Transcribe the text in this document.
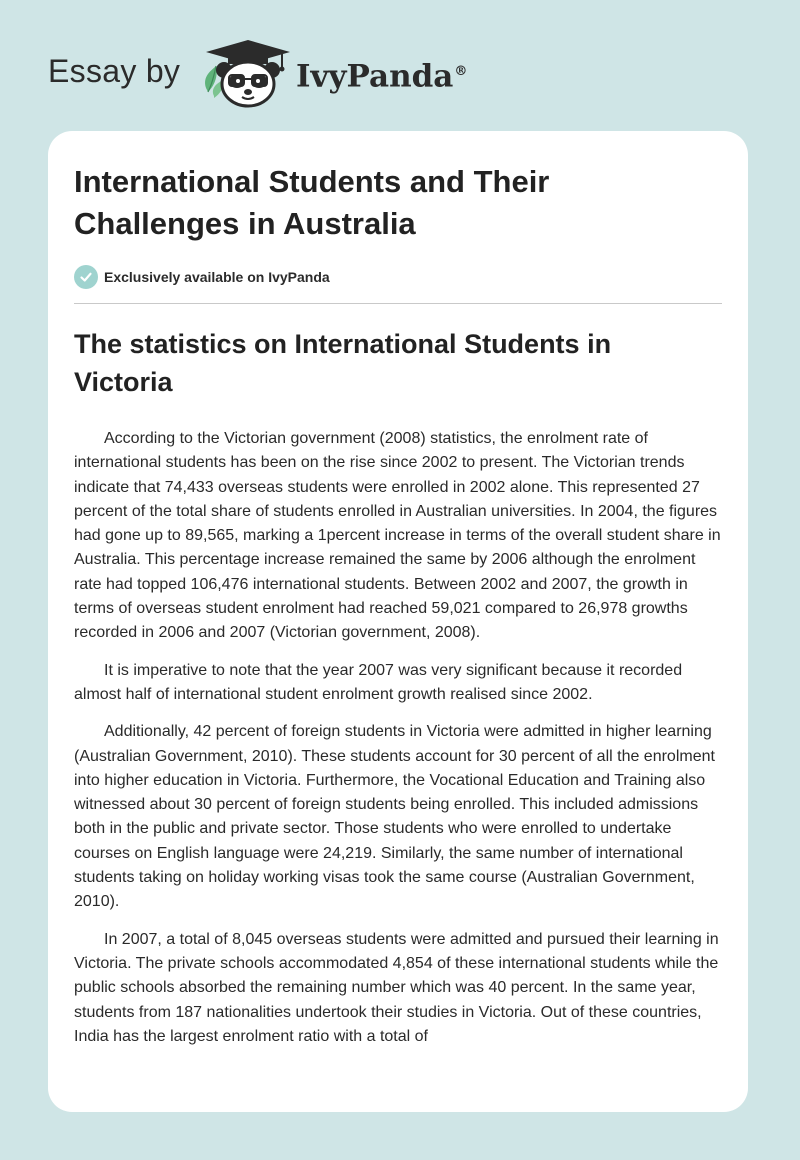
Essay by	IvyPanda®
International Students and Their Challenges in Australia
Exclusively available on IvyPanda
The statistics on International Students in Victoria

According to the Victorian government (2008) statistics, the enrolment rate of international students has been on the rise since 2002 to present. The Victorian trends indicate that 74,433 overseas students were enrolled in 2002 alone. This represented 27 percent of the total share of students enrolled in Australian universities. In 2004, the figures had gone up to 89,565, marking a 1percent increase in terms of the overall student share in Australia. This percentage increase remained the same by 2006 although the enrolment rate had topped 106,476 international students. Between 2002 and 2007, the growth in terms of overseas student enrolment had reached 59,021 compared to 26,978 growths recorded in 2006 and 2007 (Victorian government, 2008).

It is imperative to note that the year 2007 was very significant because it recorded almost half of international student enrolment growth realised since 2002.

Additionally, 42 percent of foreign students in Victoria were admitted in higher learning (Australian Government, 2010). These students account for 30 percent of all the enrolment into higher education in Victoria. Furthermore, the Vocational Education and Training also witnessed about 30 percent of foreign students being enrolled. This included admissions both in the public and private sector. Those students who were enrolled to undertake courses on English language were 24,219. Similarly, the same number of international students taking on holiday working visas took the same course (Australian Government, 2010).

In 2007, a total of 8,045 overseas students were admitted and pursued their learning in Victoria. The private schools accommodated 4,854 of these international students while the public schools absorbed the remaining number which was 40 percent. In the same year, students from 187 nationalities undertook their studies in Victoria. Out of these countries, India has the largest enrolment ratio with a total of
